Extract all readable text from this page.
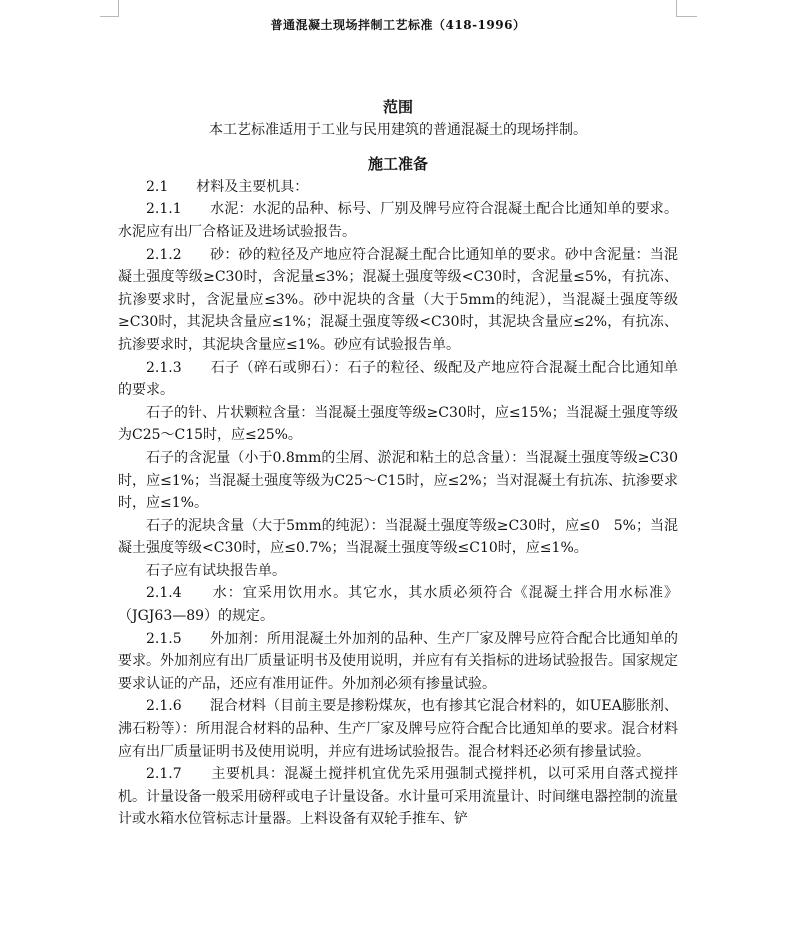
普通混凝土现场拌制工艺标准（418-1996）

范围

本工艺标准适用于工业与民用建筑的普通混凝土的现场拌制。

施工准备

2.1　　材料及主要机具：

2.1.1　　水泥：水泥的品种、标号、厂别及牌号应符合混凝土配合比通知单的要求。水泥应有出厂合格证及进场试验报告。

2.1.2　　砂：砂的粒径及产地应符合混凝土配合比通知单的要求。砂中含泥量：当混凝土强度等级≥C30时，含泥量≤3%；混凝土强度等级<C30时，含泥量≤5%，有抗冻、抗渗要求时，含泥量应≤3%。砂中泥块的含量（大于5mm的纯泥），当混凝土强度等级≥C30时，其泥块含量应≤1%；混凝土强度等级<C30时，其泥块含量应≤2%，有抗冻、抗渗要求时，其泥块含量应≤1%。砂应有试验报告单。

2.1.3　　石子（碎石或卵石）：石子的粒径、级配及产地应符合混凝土配合比通知单的要求。

石子的针、片状颗粒含量：当混凝土强度等级≥C30时，应≤15%；当混凝土强度等级为C25～C15时，应≤25%。

石子的含泥量（小于0.8mm的尘屑、淤泥和粘土的总含量）：当混凝土强度等级≥C30时，应≤1%；当混凝土强度等级为C25～C15时，应≤2%；当对混凝土有抗冻、抗渗要求时，应≤1%。

石子的泥块含量（大于5mm的纯泥）：当混凝土强度等级≥C30时，应≤0　5%；当混凝土强度等级<C30时，应≤0.7%；当混凝土强度等级≤C10时，应≤1%。

石子应有试块报告单。

2.1.4　　水：宜采用饮用水。其它水，其水质必须符合《混凝土拌合用水标准》（JGJ63—89）的规定。

2.1.5　　外加剂：所用混凝土外加剂的品种、生产厂家及牌号应符合配合比通知单的要求。外加剂应有出厂质量证明书及使用说明，并应有有关指标的进场试验报告。国家规定要求认证的产品，还应有准用证件。外加剂必须有掺量试验。

2.1.6　　混合材料（目前主要是掺粉煤灰，也有掺其它混合材料的，如UEA膨胀剂、沸石粉等）：所用混合材料的品种、生产厂家及牌号应符合配合比通知单的要求。混合材料应有出厂质量证明书及使用说明，并应有进场试验报告。混合材料还必须有掺量试验。

2.1.7　　主要机具：混凝土搅拌机宜优先采用强制式搅拌机，以可采用自落式搅拌机。计量设备一般采用磅秤或电子计量设备。水计量可采用流量计、时间继电器控制的流量计或水箱水位管标志计量器。上料设备有双轮手推车、铲
